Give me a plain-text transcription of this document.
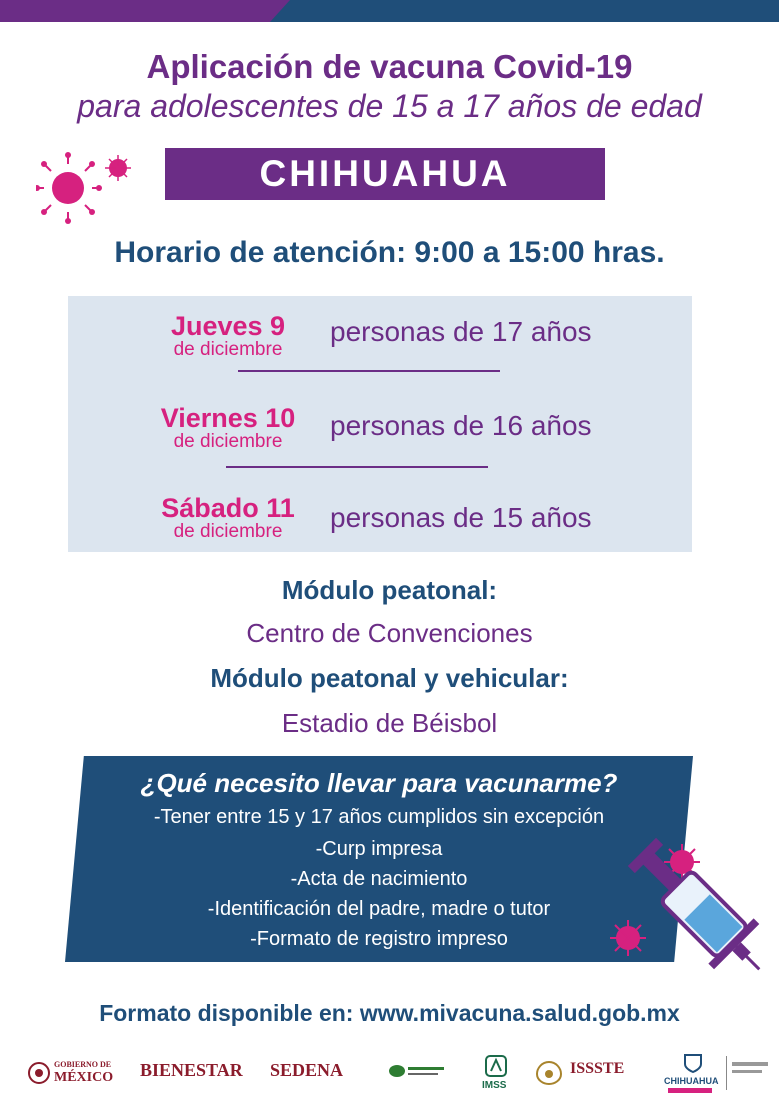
Aplicación de vacuna Covid-19
para adolescentes de 15 a 17 años de edad
CHIHUAHUA
Horario de atención: 9:00 a 15:00 hras.
Jueves 9
de diciembre
personas de 17 años
Viernes 10
de diciembre
personas de 16 años
Sábado 11
de diciembre	personas de 15 años
Módulo peatonal:
Centro de Convenciones
Módulo peatonal y vehicular:
Estadio de Béisbol
¿Qué necesito llevar para vacunarme?
-Tener entre 15 y 17 años cumplidos sin excepción
-Curp impresa
-Acta de nacimiento
-Identificación del padre, madre o tutor
-Formato de registro impreso
Formato disponible en: www.mivacuna.salud.gob.mx
GOBIERNO DE
MÉXICO BIENESTAR SEDENA
IMSS
ISSSTE
CHIHUAHUA
